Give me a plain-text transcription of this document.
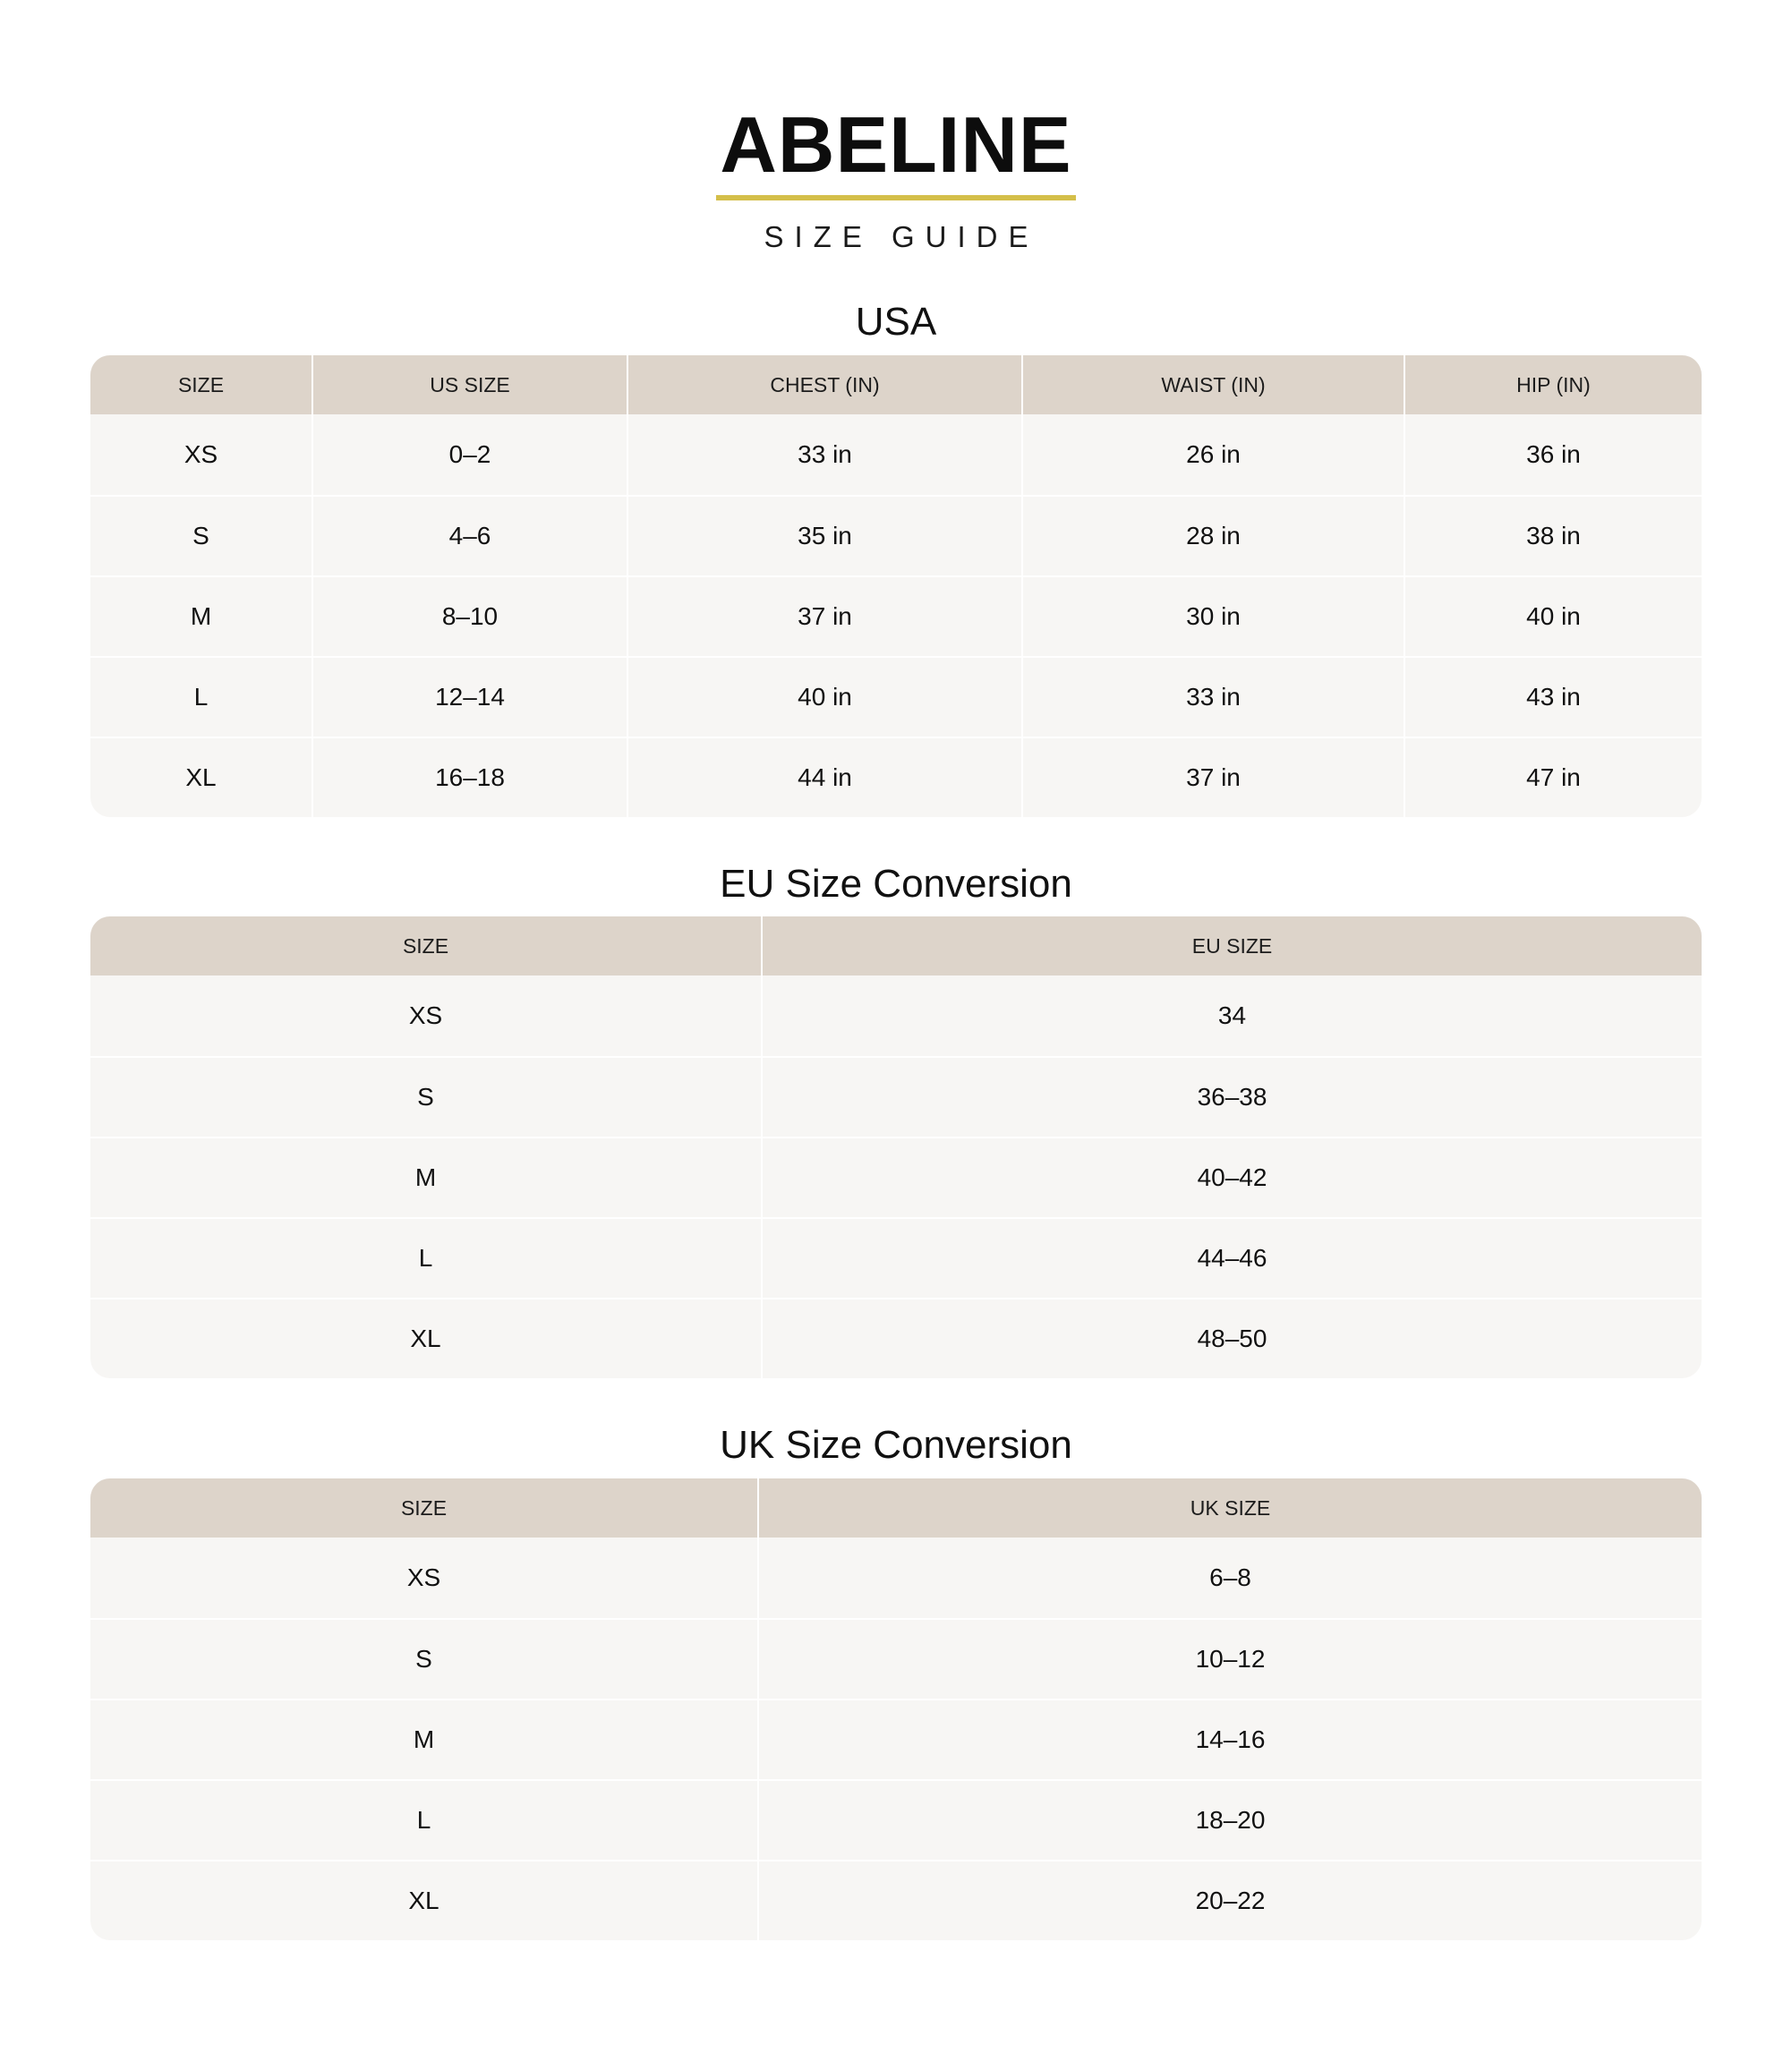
ABELINE
SIZE GUIDE
USA
SIZE	US SIZE	CHEST (IN)	WAIST (IN)	HIP (IN)
XS	0–2	33 in	26 in	36 in
S	4–6	35 in	28 in	38 in
M	8–10	37 in	30 in	40 in
L	12–14	40 in	33 in	43 in
XL	16–18	44 in	37 in	47 in
EU Size Conversion
SIZE	EU SIZE
XS	34
S	36–38
M	40–42
L	44–46
XL	48–50
UK Size Conversion
SIZE	UK SIZE
XS	6–8
S	10–12
M	14–16
L	18–20
XL	20–22
